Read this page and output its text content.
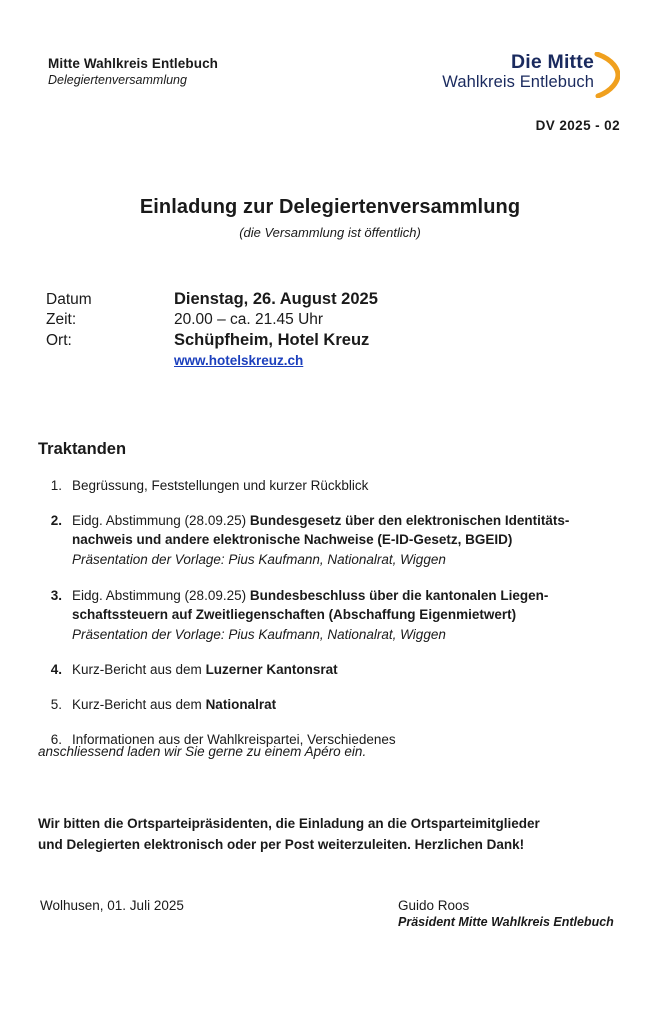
Mitte Wahlkreis Entlebuch
Delegiertenversammlung
Die Mitte
Wahlkreis Entlebuch
DV 2025 - 02
Einladung zur Delegiertenversammlung
(die Versammlung ist öffentlich)
Datum	Dienstag, 26. August 2025
Zeit:	20.00 – ca. 21.45 Uhr
Ort:	Schüpfheim, Hotel Kreuz
www.hotelskreuz.ch
Traktanden
1. Begrüssung, Feststellungen und kurzer Rückblick
2. Eidg. Abstimmung (28.09.25) Bundesgesetz über den elektronischen Identitäts-
nachweis und andere elektronische Nachweise (E-ID-Gesetz, BGEID)
Präsentation der Vorlage: Pius Kaufmann, Nationalrat, Wiggen
3. Eidg. Abstimmung (28.09.25) Bundesbeschluss über die kantonalen Liegen-
schaftssteuern auf Zweitliegenschaften (Abschaffung Eigenmietwert)
Präsentation der Vorlage: Pius Kaufmann, Nationalrat, Wiggen
4. Kurz-Bericht aus dem Luzerner Kantonsrat
5. Kurz-Bericht aus dem Nationalrat
6. Informationen aus der Wahlkreispartei, Verschiedenes
anschliessend laden wir Sie gerne zu einem Apéro ein.
Wir bitten die Ortsparteipräsidenten, die Einladung an die Ortsparteimitglieder
und Delegierten elektronisch oder per Post weiterzuleiten. Herzlichen Dank!
Wolhusen, 01. Juli 2025	Guido Roos
Präsident Mitte Wahlkreis Entlebuch
